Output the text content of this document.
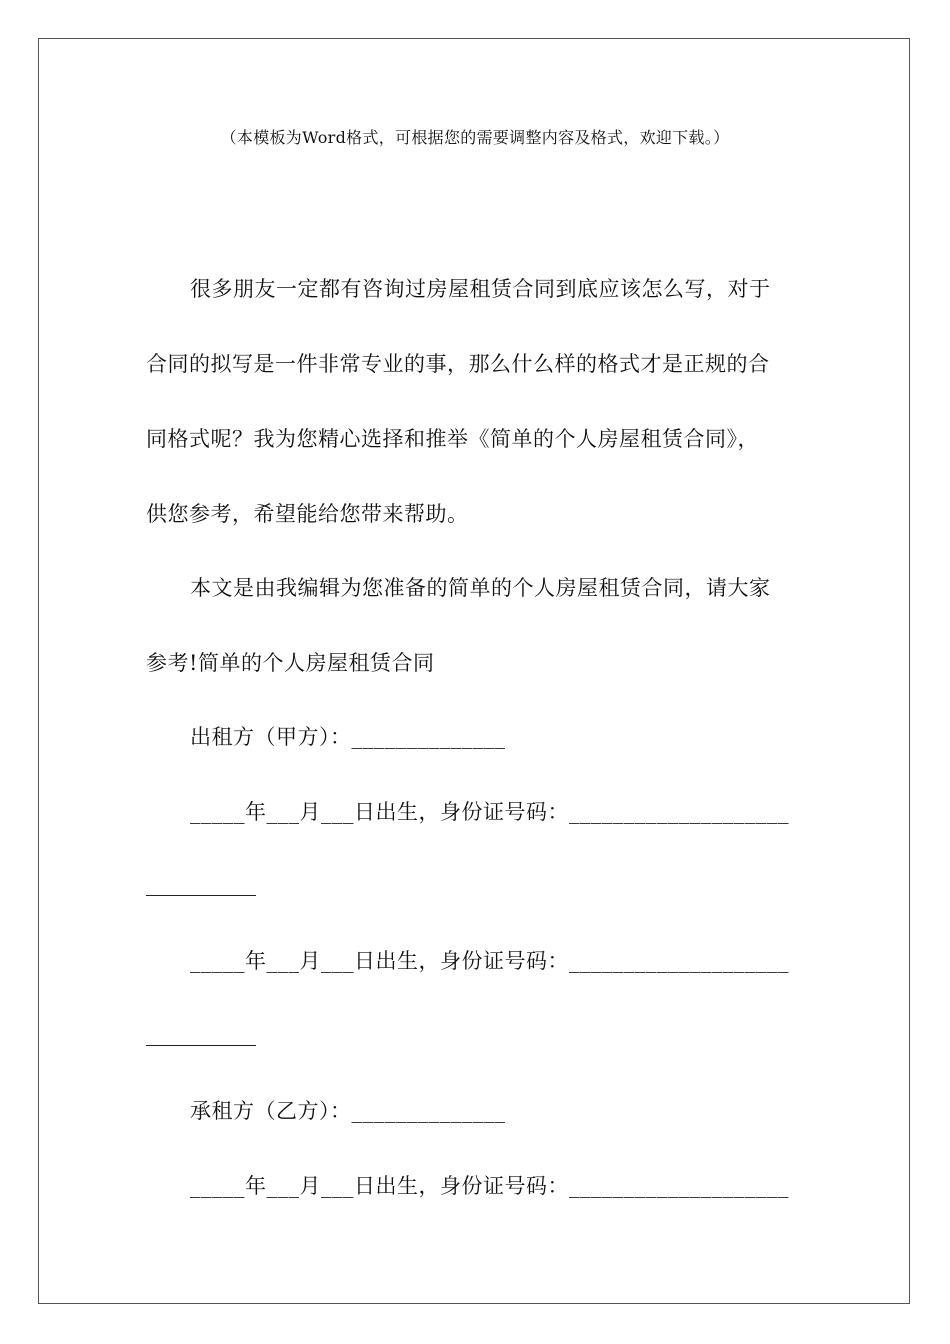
（本模板为Word格式，可根据您的需要调整内容及格式，欢迎下载。）
很多朋友一定都有咨询过房屋租赁合同到底应该怎么写，对于
合同的拟写是一件非常专业的事，那么什么样的格式才是正规的合
同格式呢？我为您精心选择和推举《简单的个人房屋租赁合同》，
供您参考，希望能给您带来帮助。
本文是由我编辑为您准备的简单的个人房屋租赁合同，请大家
参考!简单的个人房屋租赁合同
出租方（甲方）：______________
_____年___月___日出生，身份证号码：____________________
_____年___月___日出生，身份证号码：____________________
承租方（乙方）：______________
_____年___月___日出生，身份证号码：____________________
